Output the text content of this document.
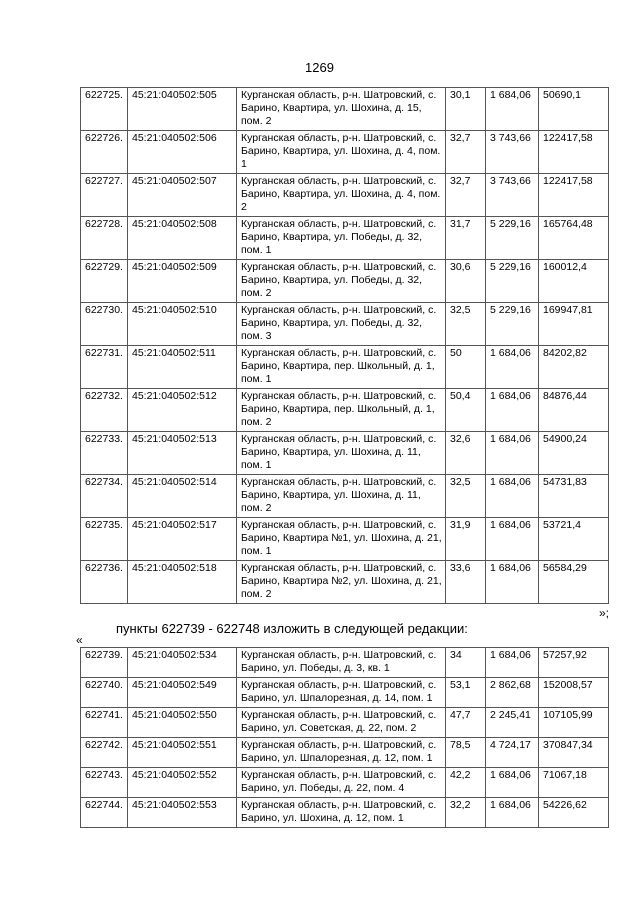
1269
622725.	45:21:040502:505	Курганская область, р-н. Шатровский, с. Барино, Квартира, ул. Шохина, д. 15, пом. 2	30,1	1 684,06	50690,1
622726.	45:21:040502:506	Курганская область, р-н. Шатровский, с. Барино, Квартира, ул. Шохина, д. 4, пом. 1	32,7	3 743,66	122417,58
622727.	45:21:040502:507	Курганская область, р-н. Шатровский, с. Барино, Квартира, ул. Шохина, д. 4, пом. 2	32,7	3 743,66	122417,58
622728.	45:21:040502:508	Курганская область, р-н. Шатровский, с. Барино, Квартира, ул. Победы, д. 32, пом. 1	31,7	5 229,16	165764,48
622729.	45:21:040502:509	Курганская область, р-н. Шатровский, с. Барино, Квартира, ул. Победы, д. 32, пом. 2	30,6	5 229,16	160012,4
622730.	45:21:040502:510	Курганская область, р-н. Шатровский, с. Барино, Квартира, ул. Победы, д. 32, пом. 3	32,5	5 229,16	169947,81
622731.	45:21:040502:511	Курганская область, р-н. Шатровский, с. Барино, Квартира, пер. Школьный, д. 1, пом. 1	50	1 684,06	84202,82
622732.	45:21:040502:512	Курганская область, р-н. Шатровский, с. Барино, Квартира, пер. Школьный, д. 1, пом. 2	50,4	1 684,06	84876,44
622733.	45:21:040502:513	Курганская область, р-н. Шатровский, с. Барино, Квартира, ул. Шохина, д. 11, пом. 1	32,6	1 684,06	54900,24
622734.	45:21:040502:514	Курганская область, р-н. Шатровский, с. Барино, Квартира, ул. Шохина, д. 11, пом. 2	32,5	1 684,06	54731,83
622735.	45:21:040502:517	Курганская область, р-н. Шатровский, с. Барино, Квартира №1, ул. Шохина, д. 21, пом. 1	31,9	1 684,06	53721,4
622736.	45:21:040502:518	Курганская область, р-н. Шатровский, с. Барино, Квартира №2, ул. Шохина, д. 21, пом. 2	33,6	1 684,06	56584,29
»;
пункты 622739 - 622748 изложить в следующей редакции:
«
622739.	45:21:040502:534	Курганская область, р-н. Шатровский, с. Барино, ул. Победы, д. 3, кв. 1	34	1 684,06	57257,92
622740.	45:21:040502:549	Курганская область, р-н. Шатровский, с. Барино, ул. Шпалорезная, д. 14, пом. 1	53,1	2 862,68	152008,57
622741.	45:21:040502:550	Курганская область, р-н. Шатровский, с. Барино, ул. Советская, д. 22, пом. 2	47,7	2 245,41	107105,99
622742.	45:21:040502:551	Курганская область, р-н. Шатровский, с. Барино, ул. Шпалорезная, д. 12, пом. 1	78,5	4 724,17	370847,34
622743.	45:21:040502:552	Курганская область, р-н. Шатровский, с. Барино, ул. Победы, д. 22, пом. 4	42,2	1 684,06	71067,18
622744.	45:21:040502:553	Курганская область, р-н. Шатровский, с. Барино, ул. Шохина, д. 12, пом. 1	32,2	1 684,06	54226,62
